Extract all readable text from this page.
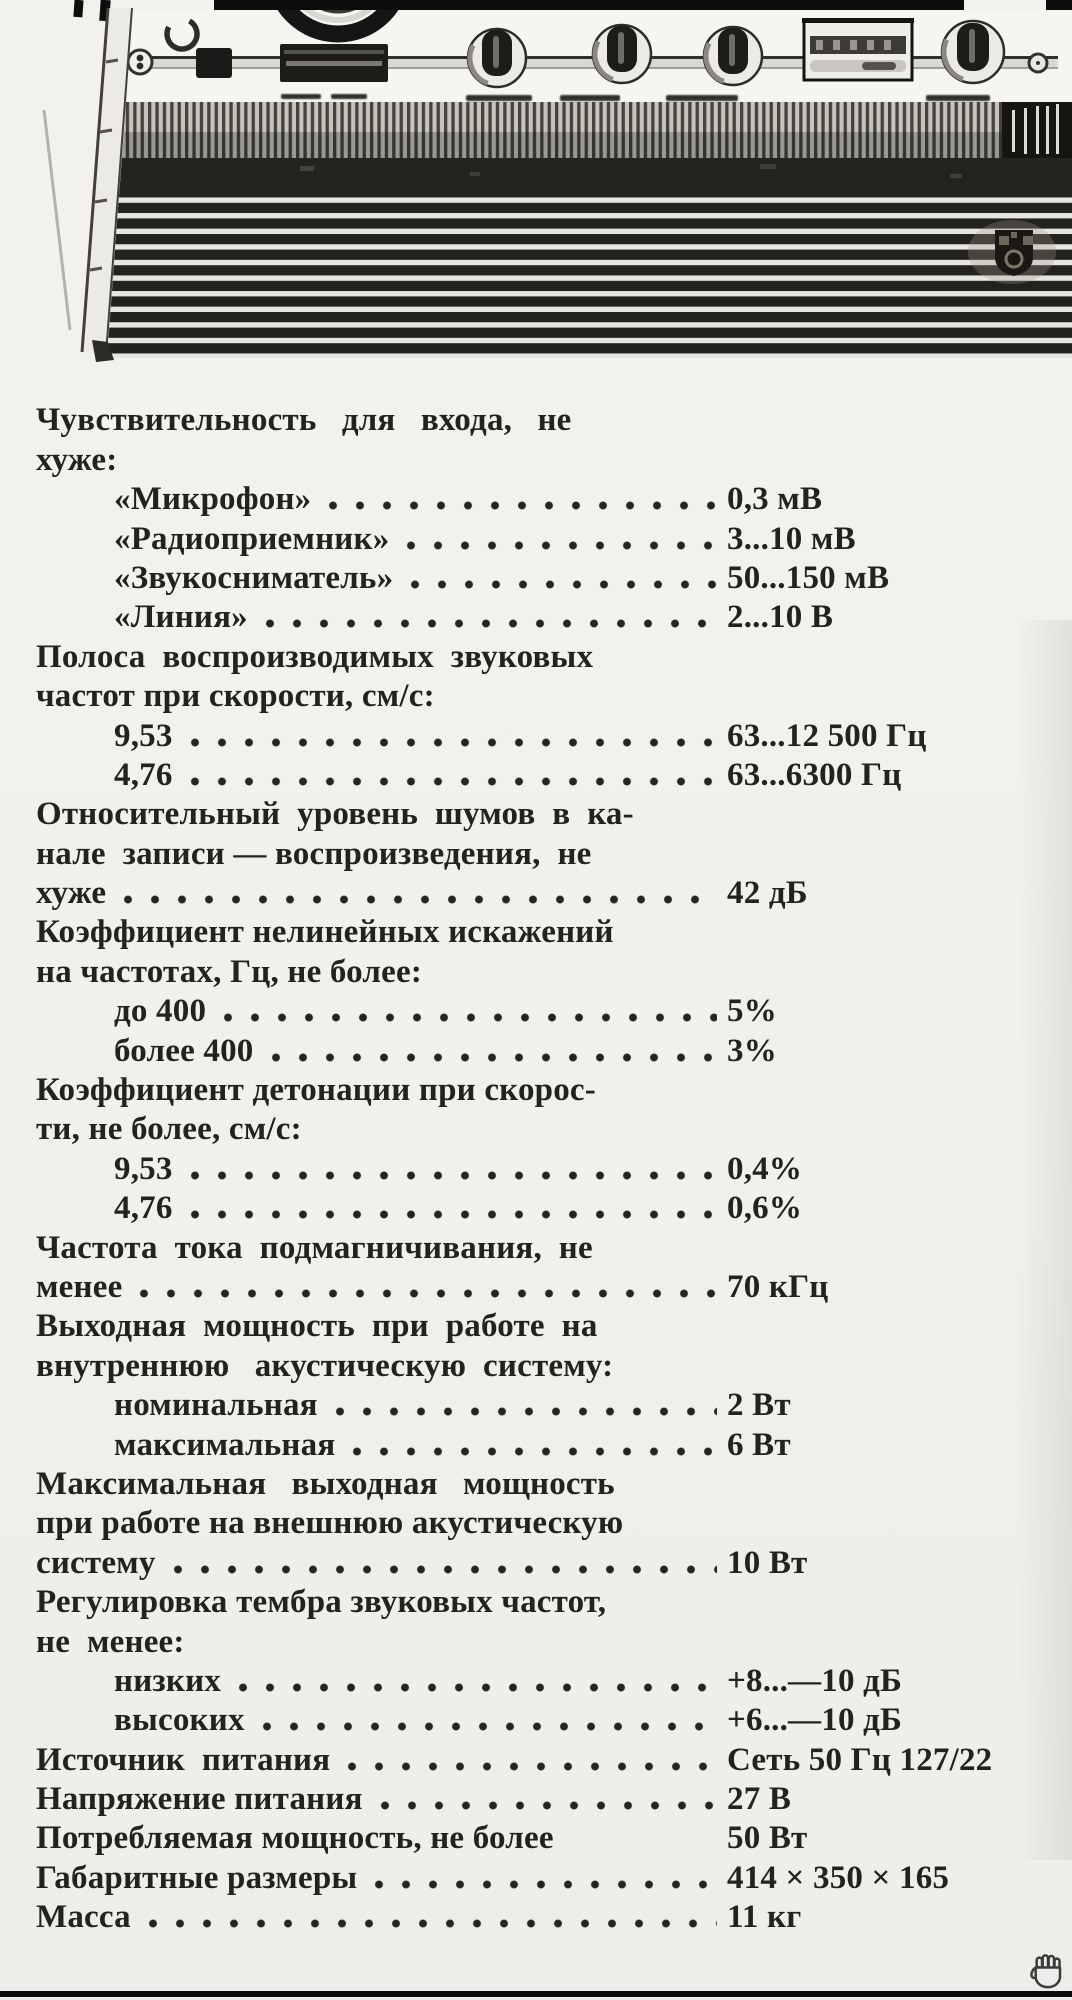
Чувствительность   для   входа,   не
хуже:
«Микрофон»	0,3 мВ
«Радиоприемник»	3...10 мВ
«Звукосниматель»	50...150 мВ
«Линия»	2...10 В
Полоса  воспроизводимых  звуковых
частот при скорости, см/с:
9,53	63...12 500 Гц
4,76	63...6300 Гц
Относительный  уровень  шумов  в  ка-
нале  записи — воспроизведения,  не
хуже	42 дБ
Коэффициент нелинейных искажений
на частотах, Гц, не более:
до 400	5%
более 400	3%
Коэффициент детонации при скорос-
ти, не более, см/с:
9,53	0,4%
4,76	0,6%
Частота  тока  подмагничивания,  не
менее	70 кГц
Выходная  мощность  при  работе  на
внутреннюю   акустическую  систему:
номинальная	2 Вт
максимальная	6 Вт
Максимальная   выходная   мощность
при работе на внешнюю акустическую
систему	10 Вт
Регулировка тембра звуковых частот,
не  менее:
низких	+8...—10 дБ
высоких	+6...—10 дБ
Источник  питания	Сеть 50 Гц 127/22
Напряжение питания	27 В
Потребляемая мощность, не более	50 Вт
Габаритные размеры	414 × 350 × 165
Масса	11 кг
